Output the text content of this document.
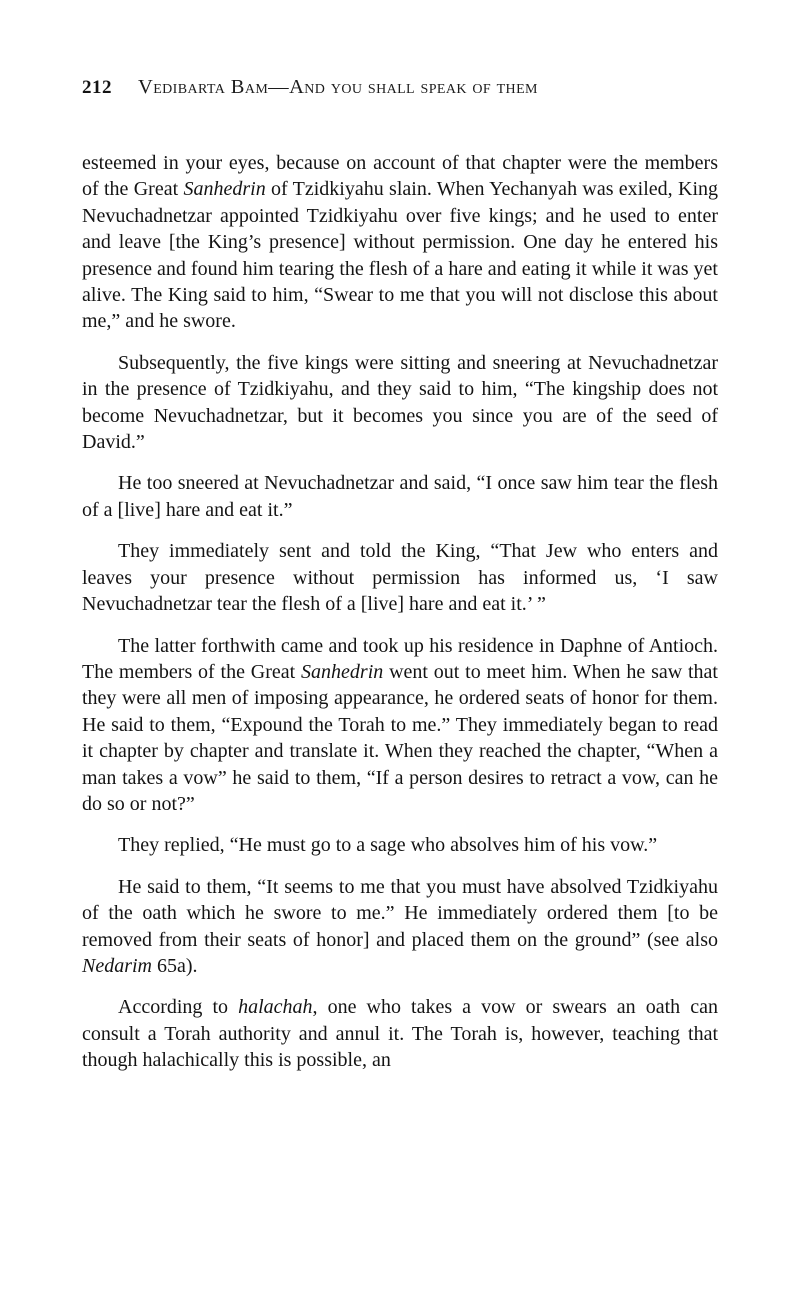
212 Vedibarta Bam—And you shall speak of them

esteemed in your eyes, because on account of that chapter were the members of the Great Sanhedrin of Tzidkiyahu slain. When Yechanyah was exiled, King Nevuchadnetzar appointed Tzidkiyahu over five kings; and he used to enter and leave [the King’s presence] without permission. One day he entered his presence and found him tearing the flesh of a hare and eating it while it was yet alive. The King said to him, “Swear to me that you will not disclose this about me,” and he swore.

Subsequently, the five kings were sitting and sneering at Nevuchadnetzar in the presence of Tzidkiyahu, and they said to him, “The kingship does not become Nevuchadnetzar, but it becomes you since you are of the seed of David.”

He too sneered at Nevuchadnetzar and said, “I once saw him tear the flesh of a [live] hare and eat it.”

They immediately sent and told the King, “That Jew who enters and leaves your presence without permission has informed us, ‘I saw Nevuchadnetzar tear the flesh of a [live] hare and eat it.’ ”

The latter forthwith came and took up his residence in Daphne of Antioch. The members of the Great Sanhedrin went out to meet him. When he saw that they were all men of imposing appearance, he ordered seats of honor for them. He said to them, “Expound the Torah to me.” They immediately began to read it chapter by chapter and translate it. When they reached the chapter, “When a man takes a vow” he said to them, “If a person desires to retract a vow, can he do so or not?”

They replied, “He must go to a sage who absolves him of his vow.”

He said to them, “It seems to me that you must have absolved Tzidkiyahu of the oath which he swore to me.” He immediately ordered them [to be removed from their seats of honor] and placed them on the ground” (see also Nedarim 65a).

According to halachah, one who takes a vow or swears an oath can consult a Torah authority and annul it. The Torah is, however, teaching that though halachically this is possible, an
